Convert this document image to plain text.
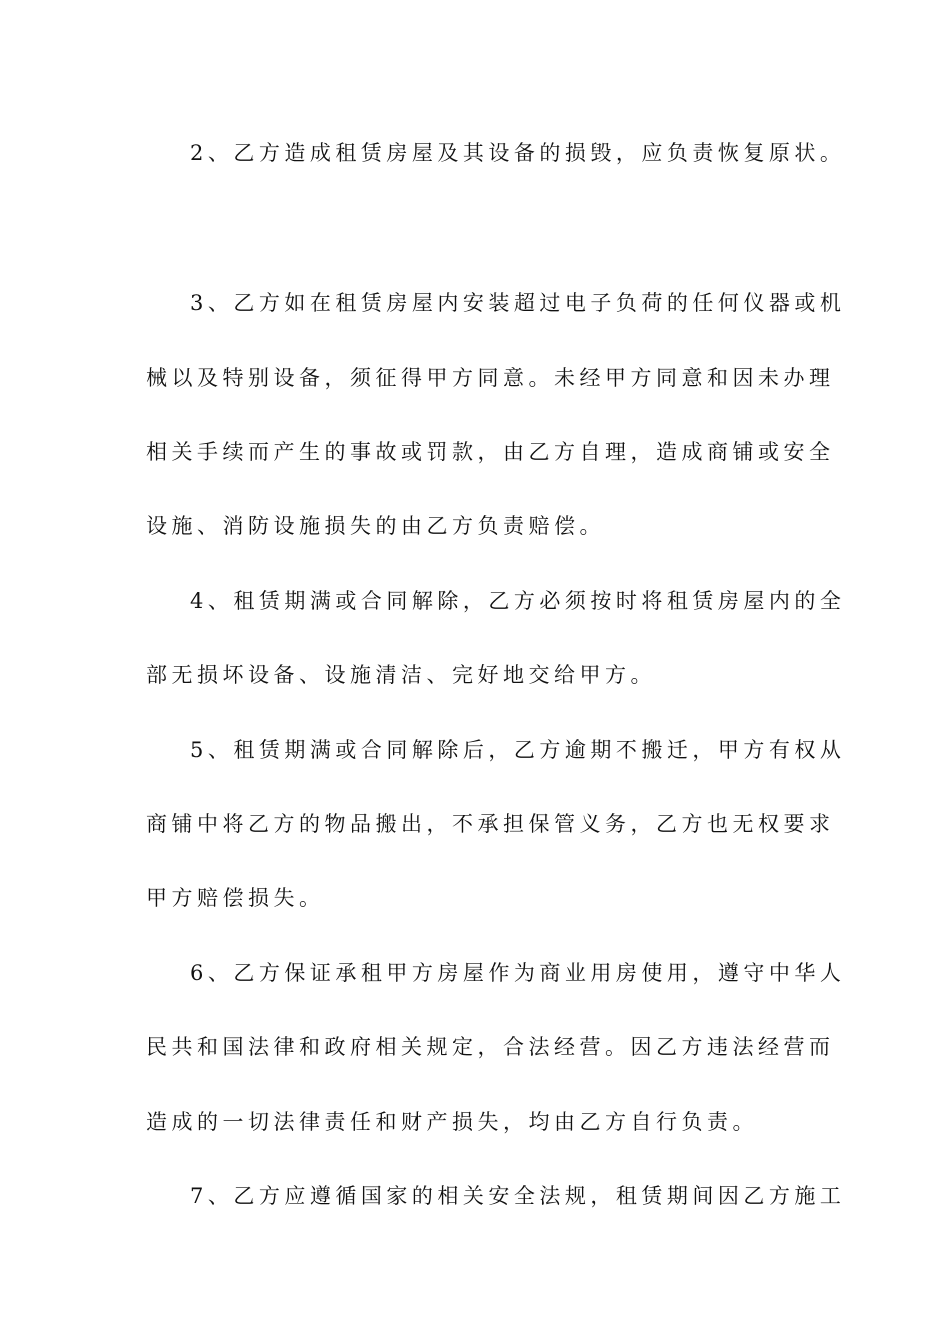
2、乙方造成租赁房屋及其设备的损毁，应负责恢复原状。
3、乙方如在租赁房屋内安装超过电子负荷的任何仪器或机
械以及特别设备，须征得甲方同意。未经甲方同意和因未办理
相关手续而产生的事故或罚款，由乙方自理，造成商铺或安全
设施、消防设施损失的由乙方负责赔偿。
4、租赁期满或合同解除，乙方必须按时将租赁房屋内的全
部无损坏设备、设施清洁、完好地交给甲方。
5、租赁期满或合同解除后，乙方逾期不搬迁，甲方有权从
商铺中将乙方的物品搬出，不承担保管义务，乙方也无权要求
甲方赔偿损失。
6、乙方保证承租甲方房屋作为商业用房使用，遵守中华人
民共和国法律和政府相关规定，合法经营。因乙方违法经营而
造成的一切法律责任和财产损失，均由乙方自行负责。
7、乙方应遵循国家的相关安全法规，租赁期间因乙方施工
